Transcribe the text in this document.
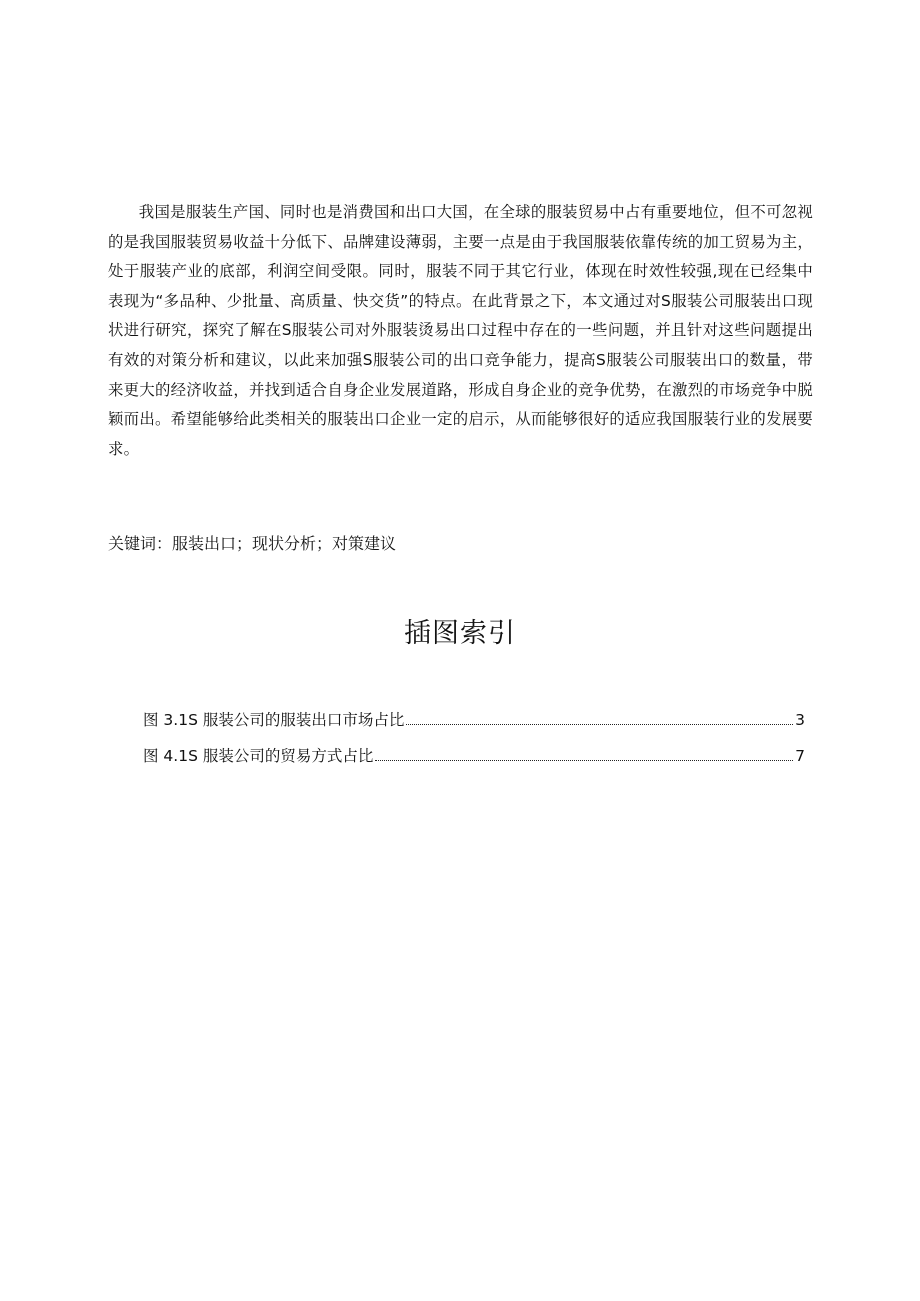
我国是服装生产国、同时也是消费国和出口大国，在全球的服装贸易中占有重要地位，但不可忽视的是我国服装贸易收益十分低下、品牌建设薄弱，主要一点是由于我国服装依靠传统的加工贸易为主，处于服装产业的底部，利润空间受限。同时，服装不同于其它行业，体现在时效性较强,现在已经集中表现为“多品种、少批量、高质量、快交货”的特点。在此背景之下，本文通过对S服装公司服装出口现状进行研究，探究了解在S服装公司对外服装烫易出口过程中存在的一些问题，并且针对这些问题提出有效的对策分析和建议，以此来加强S服装公司的出口竞争能力，提高S服装公司服装出口的数量，带来更大的经济收益，并找到适合自身企业发展道路，形成自身企业的竞争优势，在激烈的市场竞争中脱颖而出。希望能够给此类相关的服装出口企业一定的启示，从而能够很好的适应我国服装行业的发展要求。

关键词：服装出口；现状分析；对策建议

插图索引
图 3.1S 服装公司的服装出口市场占比	3
图 4.1S 服装公司的贸易方式占比	7
